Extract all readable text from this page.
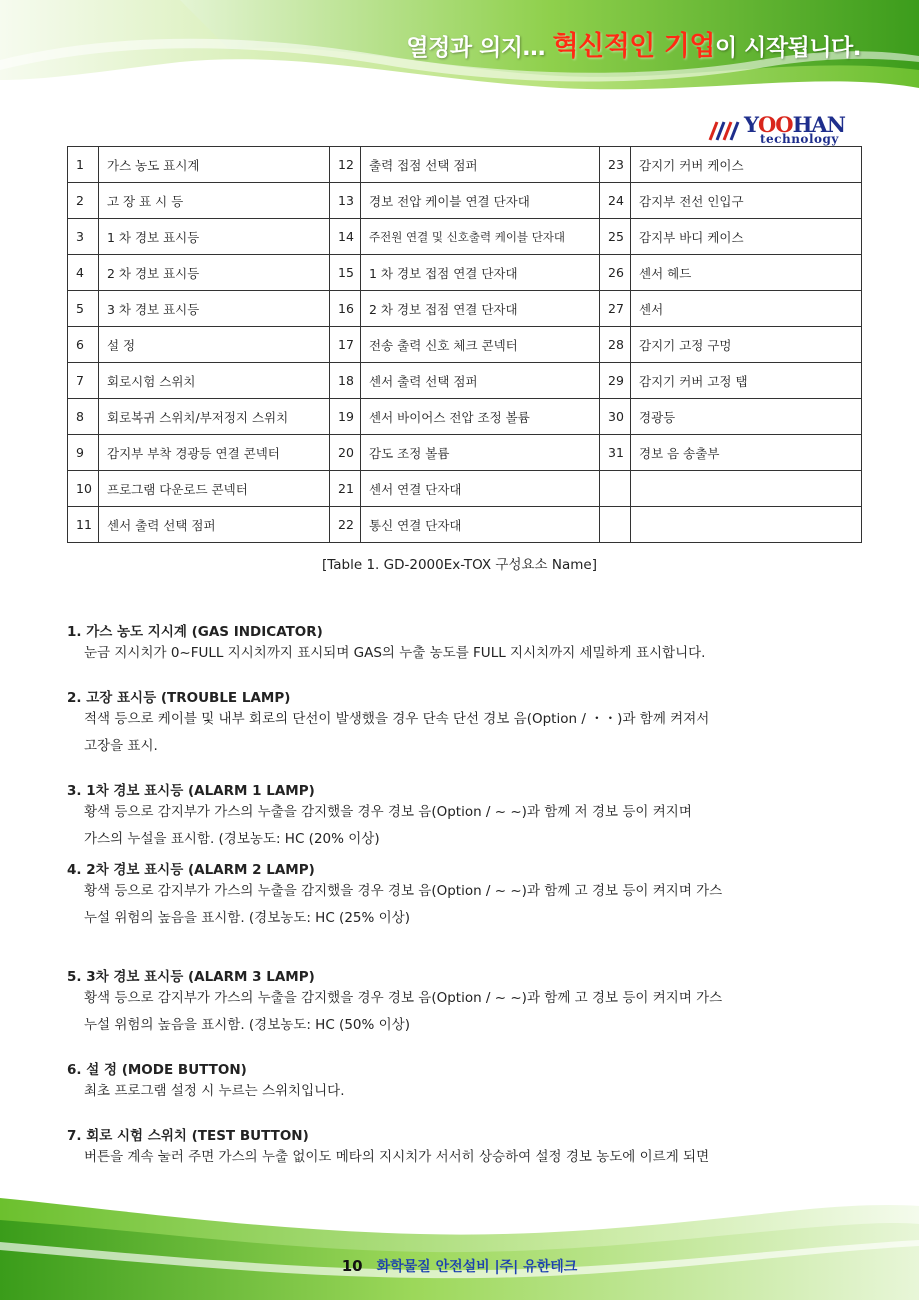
열정과 의지… 혁신적인 기업이 시작됩니다.
YOOHAN
technology
1	가스 농도 표시계	12	출력 접점 선택 점퍼	23	감지기 커버 케이스
2	고 장 표 시 등	13	경보 전압 케이블 연결 단자대	24	감지부 전선 인입구
3	1 차 경보 표시등	14	주전원 연결 및 신호출력 케이블 단자대	25	감지부 바디 케이스
4	2 차 경보 표시등	15	1 차 경보 접점 연결 단자대	26	센서 헤드
5	3 차 경보 표시등	16	2 차 경보 접점 연결 단자대	27	센서
6	설 정	17	전송 출력 신호 체크 콘넥터	28	감지기 고정 구멍
7	회로시험 스위치	18	센서 출력 선택 점퍼	29	감지기 커버 고정 탭
8	회로복귀 스위치/부저정지 스위치	19	센서 바이어스 전압 조정 볼륨	30	경광등
9	감지부 부착 경광등 연결 콘넥터	20	감도 조정 볼륨	31	경보 음 송출부
10	프로그램 다운로드 콘넥터	21	센서 연결 단자대		
11	센서 출력 선택 점퍼	22	통신 연결 단자대		
[Table 1. GD-2000Ex-TOX 구성요소 Name]
1. 가스 농도 지시계 (GAS INDICATOR)

눈금 지시치가 0~FULL 지시치까지 표시되며 GAS의 누출 농도를 FULL 지시치까지 세밀하게 표시합니다.

2. 고장 표시등 (TROUBLE LAMP)

적색 등으로 케이블 및 내부 회로의 단선이 발생했을 경우 단속 단선 경보 음(Option / ・・)과 함께 켜져서

고장을 표시.

3. 1차 경보 표시등 (ALARM 1 LAMP)

황색 등으로 감지부가 가스의 누출을 감지했을 경우 경보 음(Option / ~ ~)과 함께 저 경보 등이 켜지며

가스의 누설을 표시함. (경보농도: HC (20% 이상)

4. 2차 경보 표시등 (ALARM 2 LAMP)

황색 등으로 감지부가 가스의 누출을 감지했을 경우 경보 음(Option / ~ ~)과 함께 고 경보 등이 켜지며 가스

누설 위험의 높음을 표시함. (경보농도: HC (25% 이상)

5. 3차 경보 표시등 (ALARM 3 LAMP)

황색 등으로 감지부가 가스의 누출을 감지했을 경우 경보 음(Option / ~ ~)과 함께 고 경보 등이 켜지며 가스

누설 위험의 높음을 표시함. (경보농도: HC (50% 이상)

6. 설 정 (MODE BUTTON)

최초 프로그램 설정 시 누르는 스위치입니다.

7. 회로 시험 스위치 (TEST BUTTON)

버튼을 계속 눌러 주면 가스의 누출 없이도 메타의 지시치가 서서히 상승하여 설정 경보 농도에 이르게 되면

10 화학물질 안전설비 |주| 유한테크
